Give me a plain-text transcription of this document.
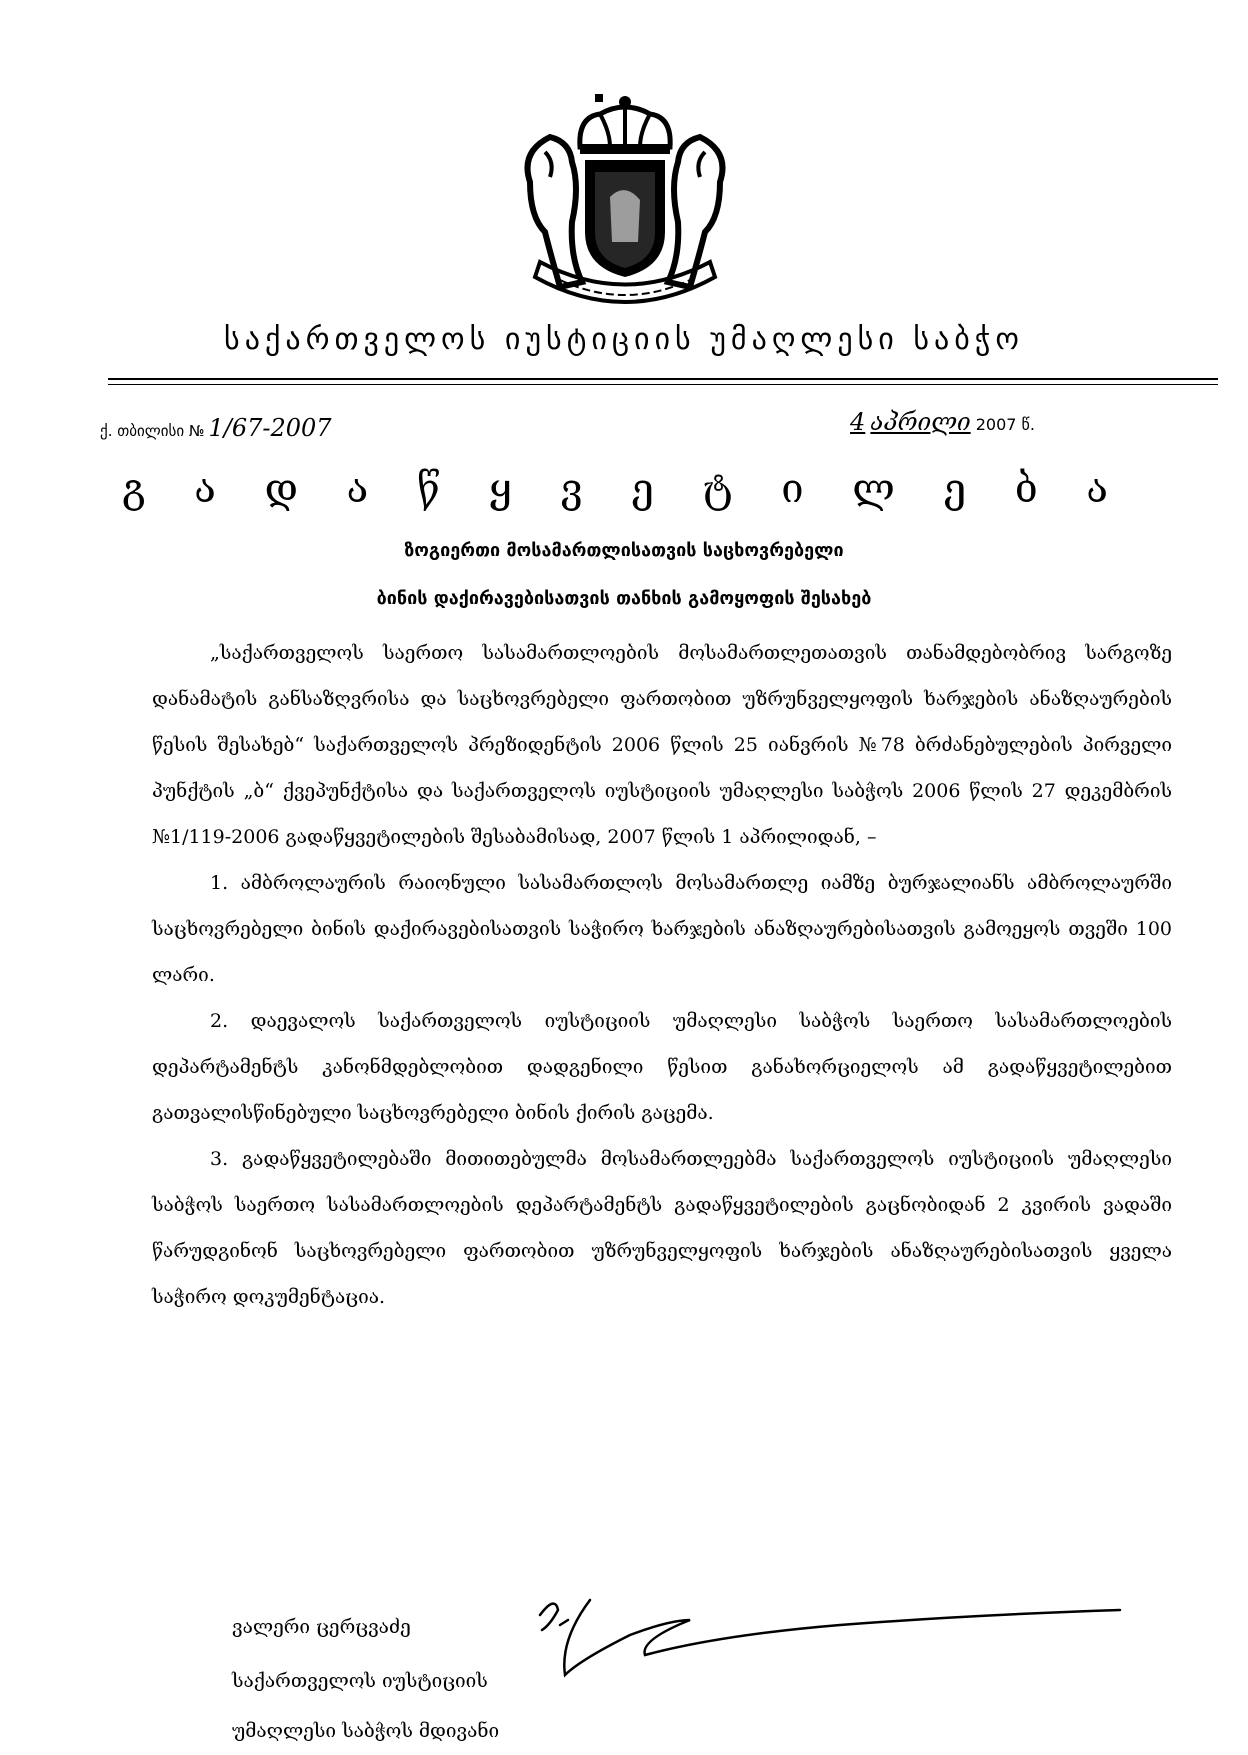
საქართველოს იუსტიციის უმაღლესი საბჭო
ქ. თბილისი № 1/67-2007	4 აპრილი 2007 წ.
გ ა დ ა წ ყ ვ ე ტ ი ლ ე ბ ა
ზოგიერთი მოსამართლისათვის საცხოვრებელი
ბინის დაქირავებისათვის თანხის გამოყოფის შესახებ

„საქართველოს საერთო სასამართლოების მოსამართლეთათვის თანამდებობრივ სარგოზე დანამატის განსაზღვრისა და საცხოვრებელი ფართობით უზრუნველყოფის ხარჯების ანაზღაურების წესის შესახებ“ საქართველოს პრეზიდენტის 2006 წლის 25 იანვრის №78 ბრძანებულების პირველი პუნქტის „ბ“ ქვეპუნქტისა და საქართველოს იუსტიციის უმაღლესი საბჭოს 2006 წლის 27 დეკემბრის №1/119-2006 გადაწყვეტილების შესაბამისად, 2007 წლის 1 აპრილიდან, –

1. ამბროლაურის რაიონული სასამართლოს მოსამართლე იამზე ბურჯალიანს ამბროლაურში საცხოვრებელი ბინის დაქირავებისათვის საჭირო ხარჯების ანაზღაურებისათვის გამოეყოს თვეში 100 ლარი.

2. დაევალოს საქართველოს იუსტიციის უმაღლესი საბჭოს საერთო სასამართლოების დეპარტამენტს კანონმდებლობით დადგენილი წესით განახორციელოს ამ გადაწყვეტილებით გათვალისწინებული საცხოვრებელი ბინის ქირის გაცემა.

3. გადაწყვეტილებაში მითითებულმა მოსამართლეებმა საქართველოს იუსტიციის უმაღლესი საბჭოს საერთო სასამართლოების დეპარტამენტს გადაწყვეტილების გაცნობიდან 2 კვირის ვადაში წარუდგინონ საცხოვრებელი ფართობით უზრუნველყოფის ხარჯების ანაზღაურებისათვის ყველა საჭირო დოკუმენტაცია.

ვალერი ცერცვაძე
საქართველოს იუსტიციის
უმაღლესი საბჭოს მდივანი
